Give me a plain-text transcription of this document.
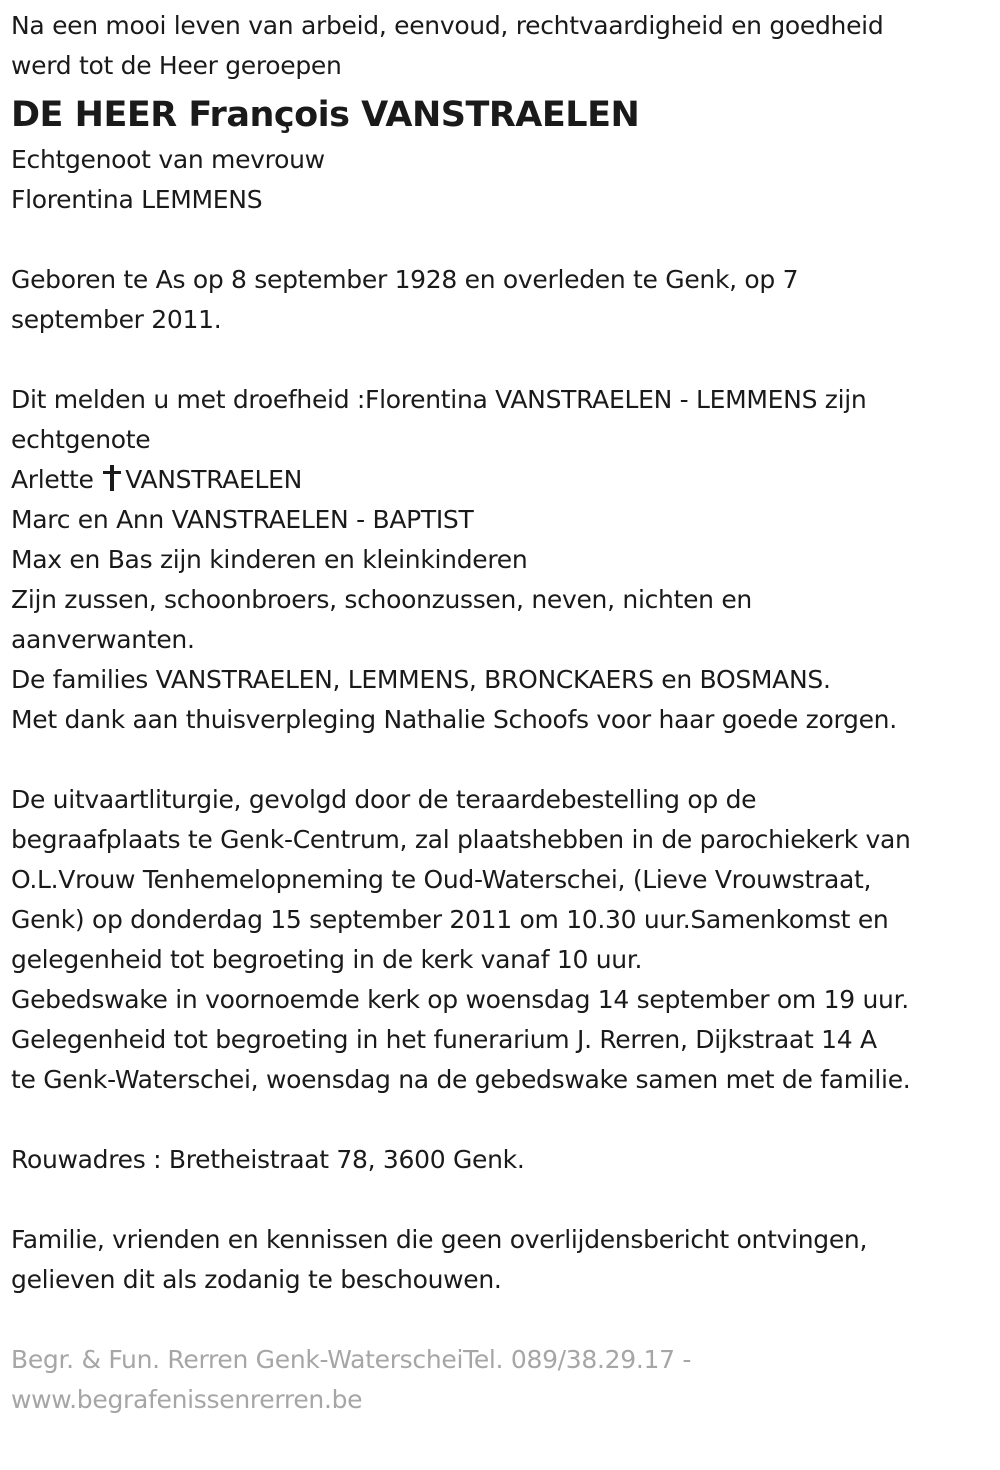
Na een mooi leven van arbeid, eenvoud, rechtvaardigheid en goedheid
werd tot de Heer geroepen
DE HEER François VANSTRAELEN
Echtgenoot van mevrouw
Florentina LEMMENS
Geboren te As op 8 september 1928 en overleden te Genk, op 7
september 2011.
Dit melden u met droefheid :Florentina VANSTRAELEN - LEMMENS zijn
echtgenote
Arlette VANSTRAELEN
Marc en Ann VANSTRAELEN - BAPTIST
Max en Bas zijn kinderen en kleinkinderen
Zijn zussen, schoonbroers, schoonzussen, neven, nichten en
aanverwanten.
De families VANSTRAELEN, LEMMENS, BRONCKAERS en BOSMANS.
Met dank aan thuisverpleging Nathalie Schoofs voor haar goede zorgen.
De uitvaartliturgie, gevolgd door de teraardebestelling op de
begraafplaats te Genk-Centrum, zal plaatshebben in de parochiekerk van
O.L.Vrouw Tenhemelopneming te Oud-Waterschei, (Lieve Vrouwstraat,
Genk) op donderdag 15 september 2011 om 10.30 uur.Samenkomst en
gelegenheid tot begroeting in de kerk vanaf 10 uur.
Gebedswake in voornoemde kerk op woensdag 14 september om 19 uur.
Gelegenheid tot begroeting in het funerarium J. Rerren, Dijkstraat 14 A
te Genk-Waterschei, woensdag na de gebedswake samen met de familie.
Rouwadres : Bretheistraat 78, 3600 Genk.
Familie, vrienden en kennissen die geen overlijdensbericht ontvingen,
gelieven dit als zodanig te beschouwen.
Begr. & Fun. Rerren Genk-WaterscheiTel. 089/38.29.17 -
www.begrafenissenrerren.be
